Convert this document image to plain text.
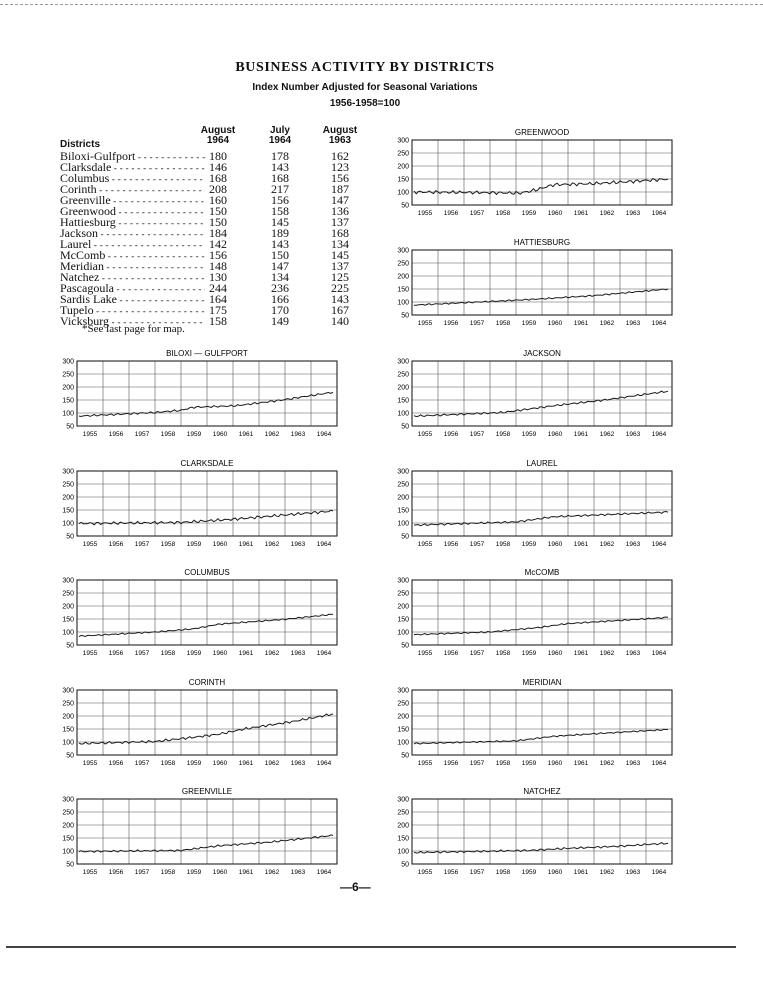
BUSINESS ACTIVITY BY DISTRICTS
Index Number Adjusted for Seasonal Variations
1956-1958=100
Districts
August
1964
July
1964
August
1963
Biloxi-Gulfport - - -	180	178	162
Clarksdale - - -	146	143	123
Columbus - - -	168	168	156
Corinth - - -	208	217	187
Greenville - - -	160	156	147
Greenwood - - -	150	158	136
Hattiesburg - - -	150	145	137
Jackson - - -	184	189	168
Laurel - - -	142	143	134
McComb - - -	156	150	145
Meridian - - -	148	147	137
Natchez - - -	130	134	125
Pascagoula - - -	244	236	225
Sardis Lake - - -	164	166	143
Tupelo - - -	175	170	167
Vicksburg - - -	158	149	140
*See last page for map.
GREENWOOD
300
250
200
150
100
50
1955 1956 1957 1958 1959 1960 1961 1962 1963 1964
HATTIESBURG
300
250
200
150
100
50
1955 1956 1957 1958 1959 1960 1961 1962 1963 1964
BILOXI — GULFPORT
300
250
200
150
100
50
1955 1956 1957 1958 1959 1960 1961 1962 1963 1964
JACKSON
300
250
200
150
100
50
1955 1956 1957 1958 1959 1960 1961 1962 1963 1964
CLARKSDALE
300
250
200
150
100
50
1955 1956 1957 1958 1959 1960 1961 1962 1963 1964
LAUREL
300
250
200
150
100
50
1955 1956 1957 1958 1959 1960 1961 1962 1963 1964
COLUMBUS
300
250
200
150
100
50
1955 1956 1957 1958 1959 1960 1961 1962 1963 1964
McCOMB
300
250
200
150
100
50
1955 1956 1957 1958 1959 1960 1961 1962 1963 1964
CORINTH
300
250
200
150
100
50
1955 1956 1957 1958 1959 1960 1961 1962 1963 1964
MERIDIAN
300
250
200
150
100
50
1955 1956 1957 1958 1959 1960 1961 1962 1963 1964
GREENVILLE
300
250
200
150
100
50
1955 1956 1957 1958 1959 1960 1961 1962 1963 1964
NATCHEZ
300
250
200
150
100
50
1955 1956 1957 1958 1959 1960 1961 1962 1963 1964
—6—
